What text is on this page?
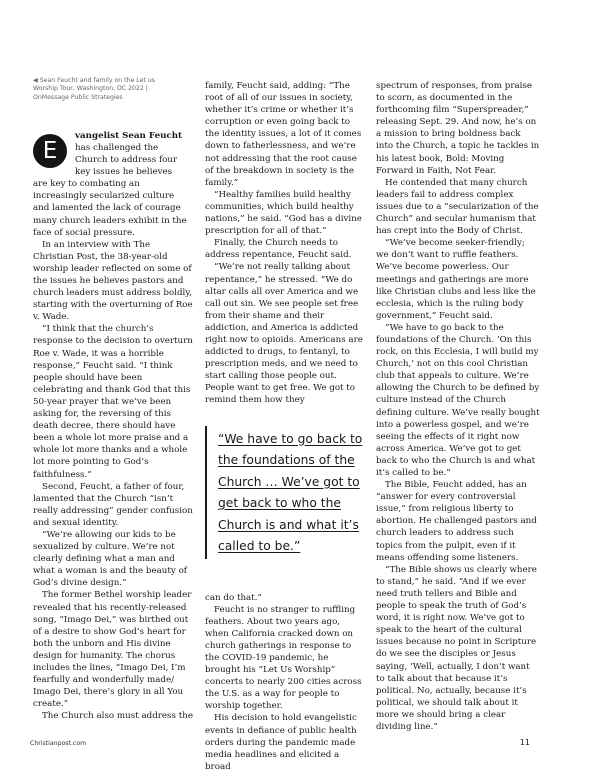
◀ Sean Feucht and family on the Let us
Worship Tour, Washington, DC 2022 |
OnMessage Public Strategies
E

vangelist Sean Feucht has challenged the
Church to address four
key issues he believes
are key to combating an

increasingly secularized culture and lamented the lack of courage many church leaders exhibit in the face of social pressure.

In an interview with The Christian Post, the 38-year-old worship leader reflected on some of the issues he believes pastors and church leaders must address boldly, starting with the overturning of Roe v. Wade.

“I think that the church’s response to the decision to overturn Roe v. Wade, it was a horrible response,” Feucht said. “I think people should have been celebrating and thank God that this 50-year prayer that we’ve been asking for, the reversing of this death decree, there should have been a whole lot more praise and a whole lot more thanks and a whole lot more pointing to God’s faithfulness.”

Second, Feucht, a father of four, lamented that the Church “isn’t really addressing” gender confusion and sexual identity.

“We’re allowing our kids to be sexualized by culture. We’re not clearly defining what a man and what a woman is and the beauty of God’s divine design.”

The former Bethel worship leader revealed that his recently-released song, “Imago Dei,” was birthed out of a desire to show God’s heart for both the unborn and His divine design for humanity. The chorus includes the lines, “Imago Dei, I’m fearfully and wonderfully made/ Imago Dei, there’s glory in all You create.”

The Church also must address the

family, Feucht said, adding: “The root of all of our issues in society, whether it’s crime or whether it’s corruption or even going back to the identity issues, a lot of it comes down to fatherlessness, and we’re not addressing that the root cause of the breakdown in society is the family.”

“Healthy families build healthy communities, which build healthy nations,” he said. “God has a divine prescription for all of that.”

Finally, the Church needs to address repentance, Feucht said.

“We’re not really talking about repentance,” he stressed. “We do altar calls all over America and we call out sin. We see people set free from their shame and their addiction, and America is addicted right now to opioids. Americans are addicted to drugs, to fentanyl, to prescription meds, and we need to start calling those people out. People want to get free. We got to remind them how they

“We have to go back to the foundations of the Church … We’ve got to get back to who the Church is and what it’s called to be.”

can do that.”

Feucht is no stranger to ruffling feathers. About two years ago, when California cracked down on church gatherings in response to the COVID-19 pandemic, he brought his “Let Us Worship” concerts to nearly 200 cities across the U.S. as a way for people to worship together.

His decision to hold evangelistic events in defiance of public health orders during the pandemic made media headlines and elicited a broad

spectrum of responses, from praise to scorn, as documented in the forthcoming film “Superspreader,” releasing Sept. 29. And now, he’s on a mission to bring boldness back into the Church, a topic he tackles in his latest book, Bold: Moving Forward in Faith, Not Fear.

He contended that many church leaders fail to address complex issues due to a “secularization of the Church” and secular humanism that has crept into the Body of Christ.

“We’ve become seeker-friendly; we don’t want to ruffle feathers. We’ve become powerless. Our meetings and gatherings are more like Christian clubs and less like the ecclesia, which is the ruling body government,” Feucht said.

“We have to go back to the foundations of the Church. ‘On this rock, on this Ecclesia, I will build my Church,’ not on this cool Christian club that appeals to culture. We’re allowing the Church to be defined by culture instead of the Church defining culture. We’ve really bought into a powerless gospel, and we’re seeing the effects of it right now across America. We’ve got to get back to who the Church is and what it’s called to be.”

The Bible, Feucht added, has an “answer for every controversial issue,” from religious liberty to abortion. He challenged pastors and church leaders to address such topics from the pulpit, even if it means offending some listeners.

“The Bible shows us clearly where to stand,” he said. “And if we ever need truth tellers and Bible and people to speak the truth of God’s word, it is right now. We’ve got to speak to the heart of the cultural issues because no point in Scripture do we see the disciples or Jesus saying, ‘Well, actually, I don’t want to talk about that because it’s political. No, actually, because it’s political, we should talk about it more we should bring a clear dividing line.”

Christianpost.com	11
